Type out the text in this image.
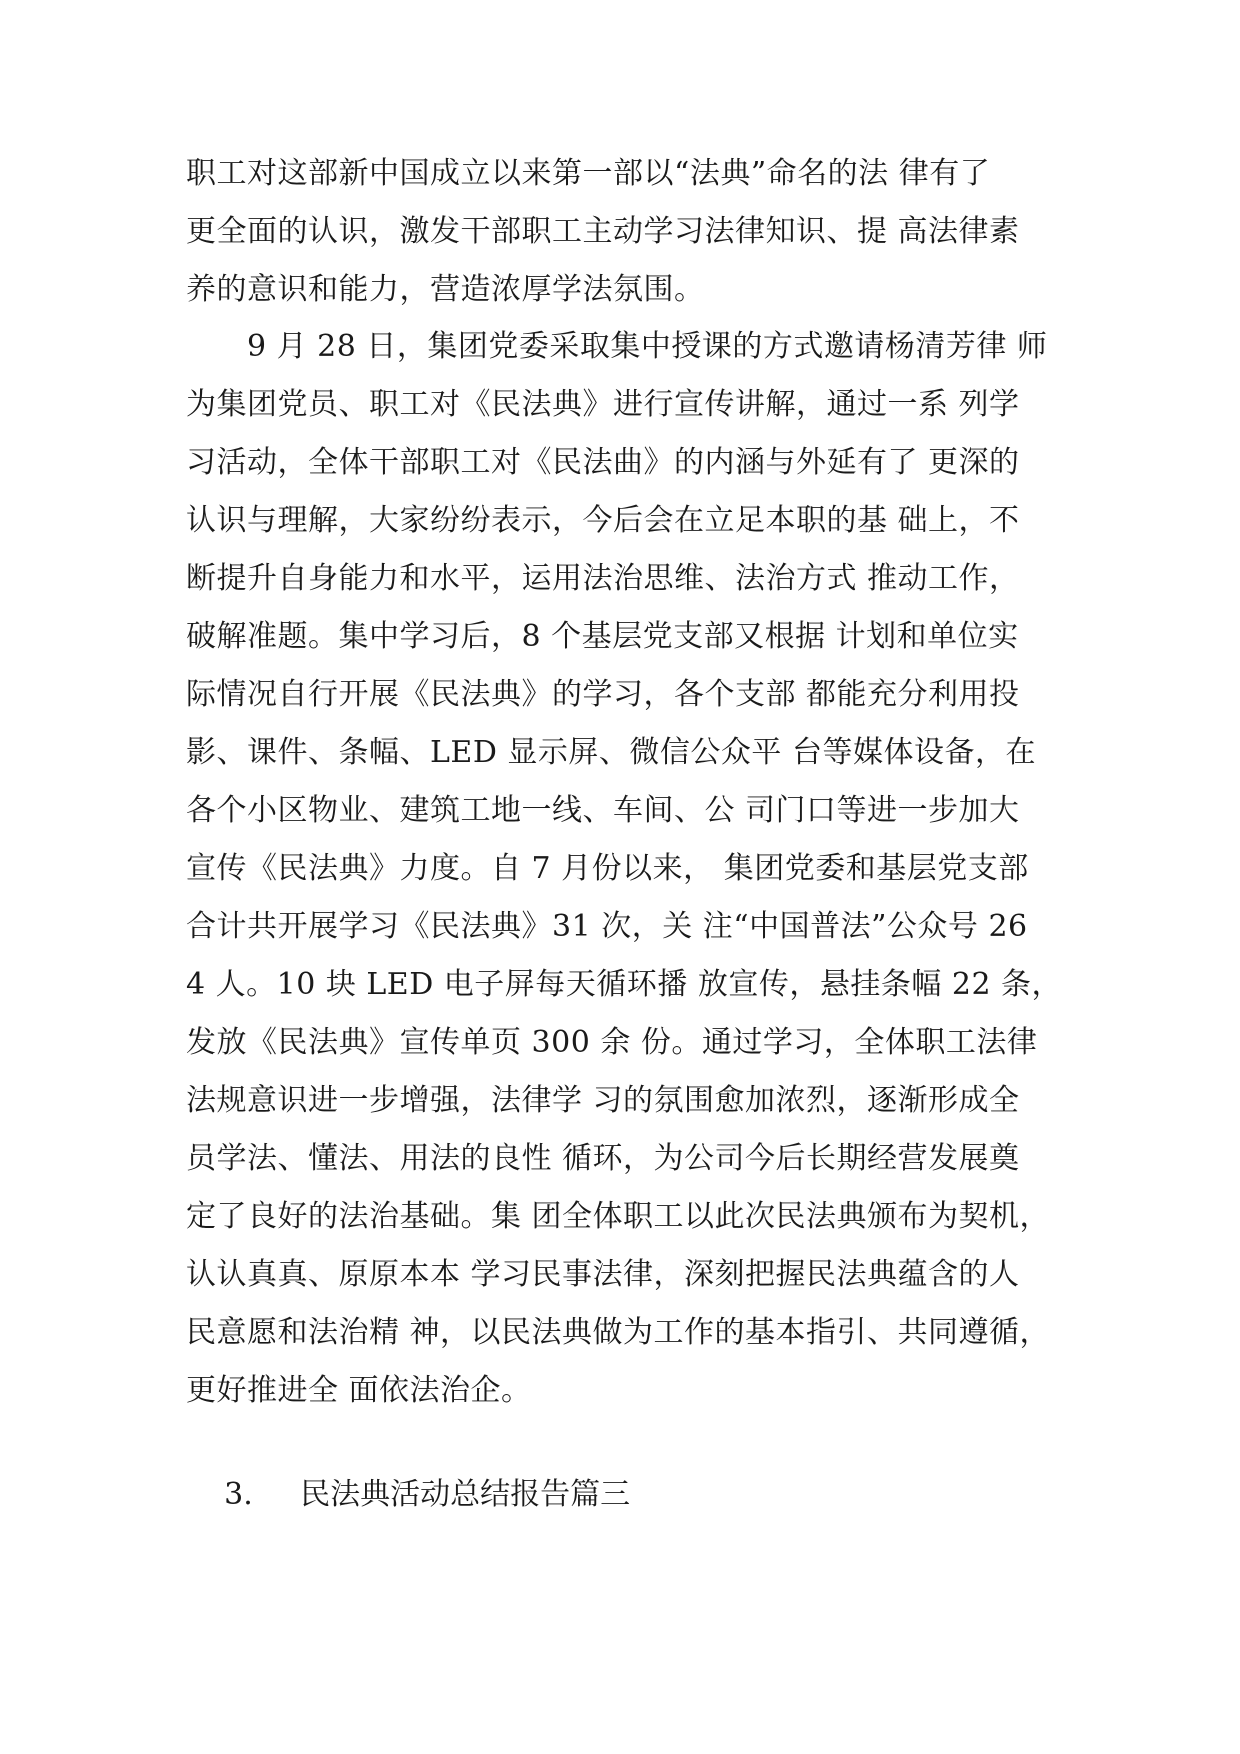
职工对这部新中国成立以来第一部以“法典”命名的法 律有了
更全面的认识，激发干部职工主动学习法律知识、提 高法律素
养的意识和能力，营造浓厚学法氛围。
　　9 月 28 日，集团党委采取集中授课的方式邀请杨清芳律 师
为集团党员、职工对《民法典》进行宣传讲解，通过一系 列学
习活动，全体干部职工对《民法曲》的内涵与外延有了 更深的
认识与理解，大家纷纷表示，今后会在立足本职的基 础上，不
断提升自身能力和水平，运用法治思维、法治方式 推动工作，
破解准题。集中学习后，8 个基层党支部又根据 计划和单位实
际情况自行开展《民法典》的学习，各个支部 都能充分利用投
影、课件、条幅、LED 显示屏、微信公众平 台等媒体设备，在
各个小区物业、建筑工地一线、车间、公 司门口等进一步加大
宣传《民法典》力度。自 7 月份以来， 集团党委和基层党支部
合计共开展学习《民法典》31 次，关 注“中国普法”公众号 26
4 人。10 块 LED 电子屏每天循环播 放宣传，悬挂条幅 22 条，
发放《民法典》宣传单页 300 余 份。通过学习，全体职工法律
法规意识进一步增强，法律学 习的氛围愈加浓烈，逐渐形成全
员学法、懂法、用法的良性 循环，为公司今后长期经营发展奠
定了良好的法治基础。集 团全体职工以此次民法典颁布为契机，
认认真真、原原本本 学习民事法律，深刻把握民法典蕴含的人
民意愿和法治精 神，以民法典做为工作的基本指引、共同遵循，
更好推进全 面依法治企。

3. 民法典活动总结报告篇三
